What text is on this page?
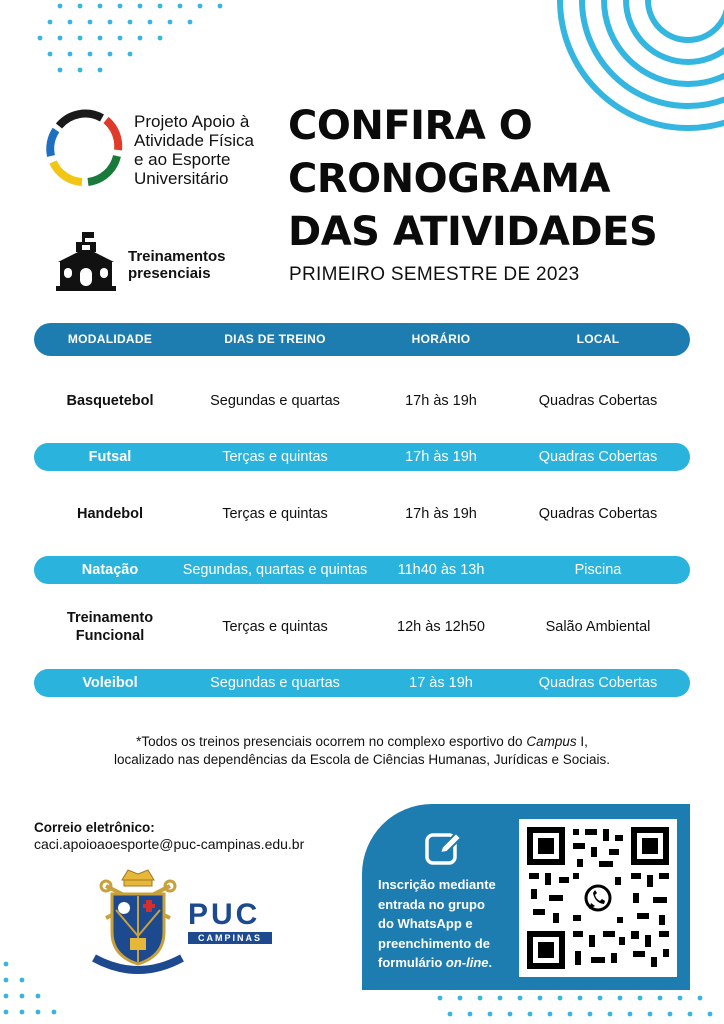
Projeto Apoio à
Atividade Física
e ao Esporte
Universitário
Treinamentos
presenciais
CONFIRA O
CRONOGRAMA
DAS ATIVIDADES
PRIMEIRO SEMESTRE DE 2023
MODALIDADE	DIAS DE TREINO	HORÁRIO	LOCAL
Basquetebol	Segundas e quartas	17h às 19h	Quadras Cobertas
Futsal	Terças e quintas	17h às 19h	Quadras Cobertas
Handebol	Terças e quintas	17h às 19h	Quadras Cobertas
Natação	Segundas, quartas e quintas	11h40 às 13h	Piscina
Treinamento
Funcional
Terças e quintas	12h às 12h50	Salão Ambiental
Voleibol	Segundas e quartas	17 às 19h	Quadras Cobertas
*Todos os treinos presenciais ocorrem no complexo esportivo do Campus I,
localizado nas dependências da Escola de Ciências Humanas, Jurídicas e Sociais.
Correio eletrônico:
caci.apoioaoesporte@puc-campinas.edu.br
PUC
CAMPINAS
Inscrição mediante
entrada no grupo
do WhatsApp e
preenchimento de
formulário on-line.
